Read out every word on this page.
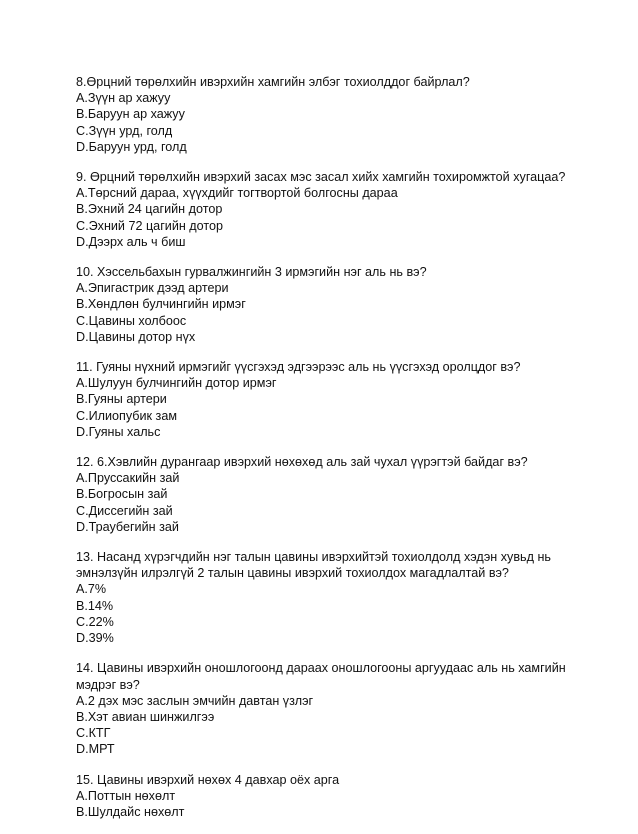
8.Өрцний төрөлхийн ивэрхийн хамгийн элбэг тохиолддог байрлал?
A.Зүүн ар хажуу
B.Баруун ар хажуу
C.Зүүн урд, голд
D.Баруун урд, голд
9. Өрцний төрөлхийн ивэрхий засах мэс засал хийх хамгийн тохиромжтой хугацаа?
A.Төрсний дараа, хүүхдийг тогтвортой болгосны дараа
B.Эхний 24 цагийн дотор
C.Эхний 72 цагийн дотор
D.Дээрх аль ч биш
10. Хэссельбахын гурвалжингийн 3 ирмэгийн нэг аль нь вэ?
A.Эпигастрик дээд артери
B.Хөндлөн булчингийн ирмэг
C.Цавины холбоос
D.Цавины дотор нүх
11. Гуяны нүхний ирмэгийг үүсгэхэд эдгээрээс аль нь үүсгэхэд оролцдог вэ?
A.Шулуун булчингийн дотор ирмэг
B.Гуяны артери
C.Илиопубик зам
D.Гуяны хальс
12. 6.Хэвлийн дурангаар ивэрхий нөхөхөд аль зай чухал үүрэгтэй байдаг вэ?
A.Пруссакийн зай
B.Богросын зай
C.Диссегийн зай
D.Траубегийн зай
13. Насанд хүрэгчдийн нэг талын цавины ивэрхийтэй тохиолдолд хэдэн хувьд нь эмнэлзүйн илрэлгүй 2 талын цавины ивэрхий тохиолдох магадлалтай вэ?
A.7%
B.14%
C.22%
D.39%
14. Цавины ивэрхийн оношлогоонд дараах оношлогооны аргуудаас аль нь хамгийн мэдрэг вэ?
A.2 дэх мэс заслын эмчийн давтан үзлэг
B.Хэт авиан шинжилгээ
C.КТГ
D.МРТ
15. Цавины ивэрхий нөхөх 4 давхар оёх арга
A.Поттын нөхөлт
B.Шулдайс нөхөлт
